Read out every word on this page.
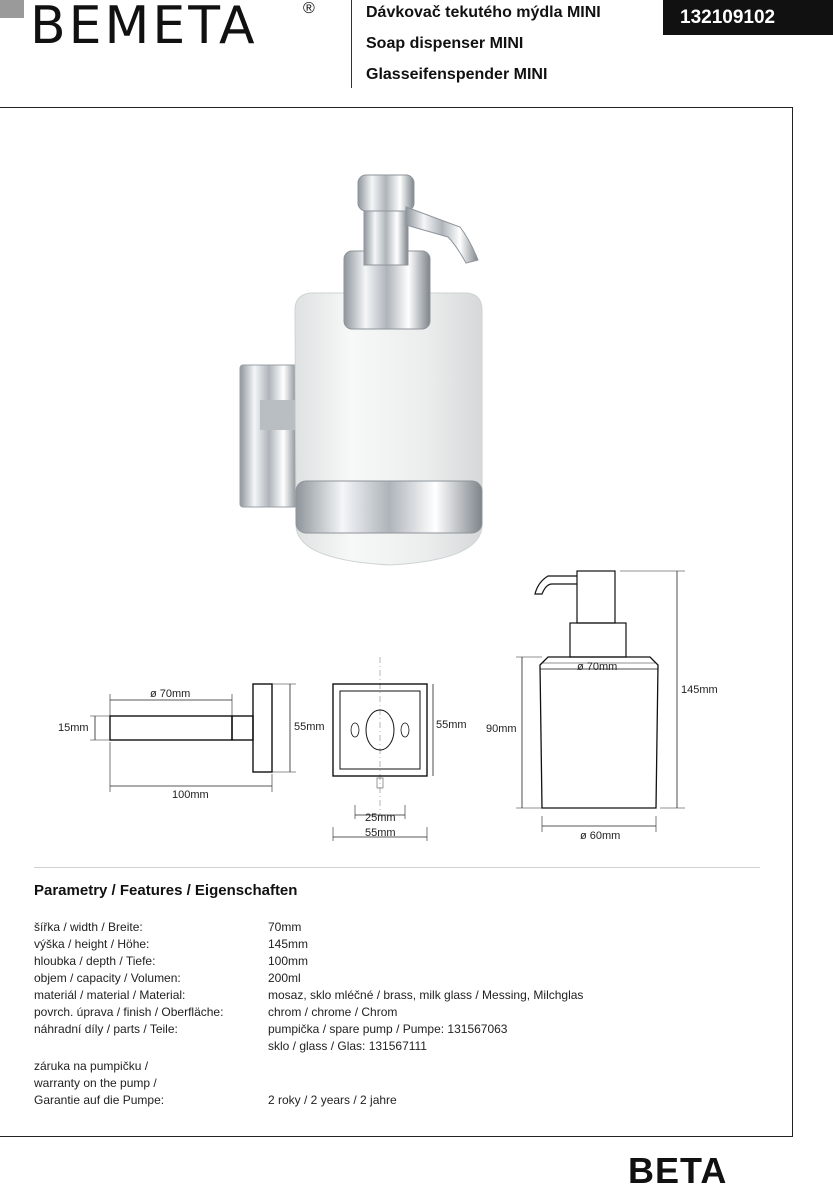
BEMETA	®	Dávkovač tekutého mýdla MINI
Soap dispenser MINI
Glasseifenspender MINI
132109102
ø 70mm
15mm	55mm
100mm
55mm
25mm
55mm
ø 70mm
145mm
90mm
ø 60mm
Parametry / Features / Eigenschaften
šířka / width / Breite:	70mm
výška / height / Höhe:	145mm
hloubka / depth / Tiefe:	100mm
objem / capacity / Volumen:	200ml
materiál / material / Material:	mosaz, sklo mléčné / brass, milk glass / Messing, Milchglas
povrch. úprava / finish / Oberfläche:	chrom / chrome / Chrom
náhradní díly / parts / Teile:	pumpička / spare pump / Pumpe: 131567063
sklo / glass / Glas: 131567111
záruka na pumpičku /
warranty on the pump /
Garantie auf die Pumpe:	2 roky / 2 years / 2 jahre
BETA
